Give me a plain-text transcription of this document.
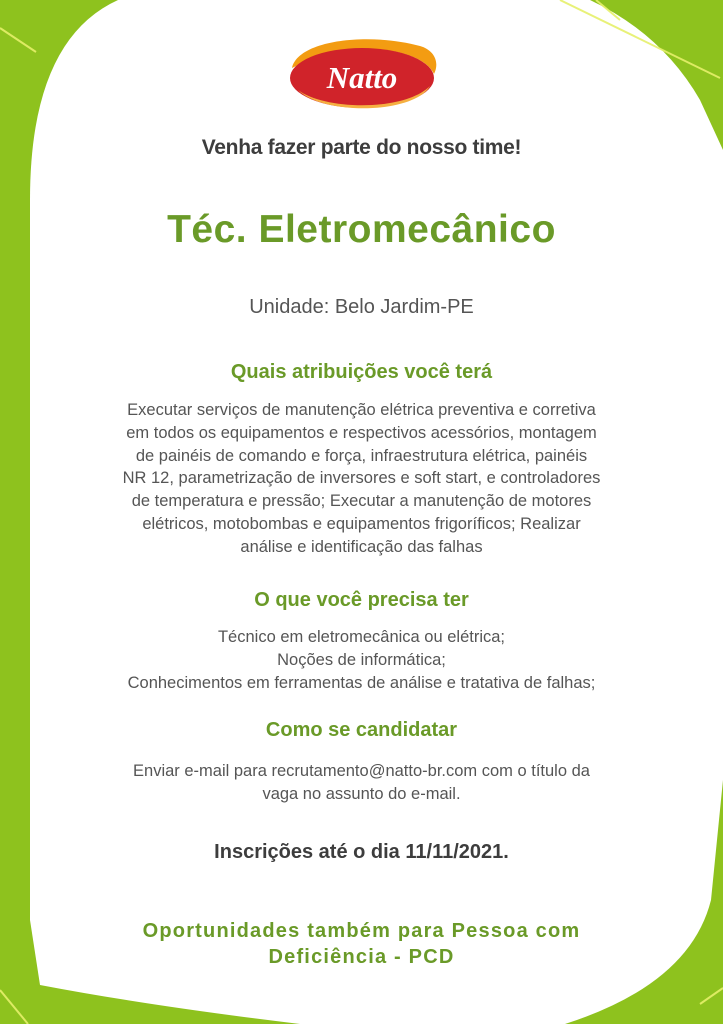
Natto
Venha fazer parte do nosso time!
Téc. Eletromecânico
Unidade: Belo Jardim-PE
Quais atribuições você terá
Executar serviços de manutenção elétrica preventiva e corretiva
em todos os equipamentos e respectivos acessórios, montagem
de painéis de comando e força, infraestrutura elétrica, painéis
NR 12, parametrização de inversores e soft start, e controladores
de temperatura e pressão; Executar a manutenção de motores
elétricos, motobombas e equipamentos frigoríficos; Realizar
análise e identificação das falhas
O que você precisa ter
Técnico em eletromecânica ou elétrica;
Noções de informática;
Conhecimentos em ferramentas de análise e tratativa de falhas;
Como se candidatar
Enviar e-mail para recrutamento@natto-br.com com o título da
vaga no assunto do e-mail.
Inscrições até o dia 11/11/2021.
Oportunidades também para Pessoa com
Deficiência - PCD
